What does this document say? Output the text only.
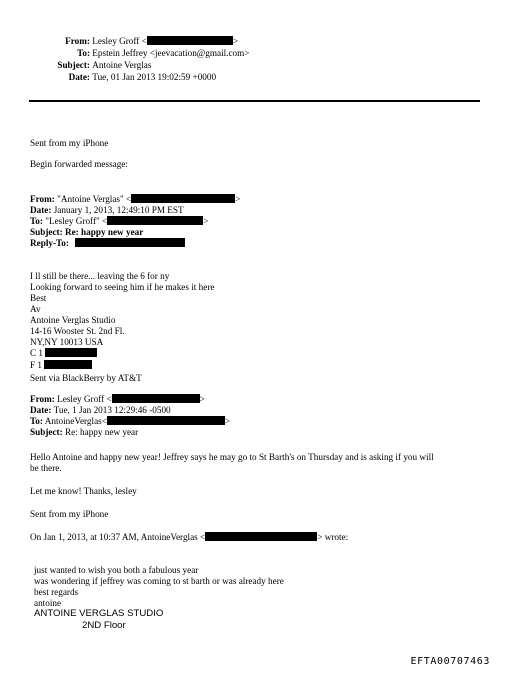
From: Lesley Groff <	>
To: Epstein Jeffrey <jeevacation@gmail.com>
Subject: Antoine Verglas
Date: Tue, 01 Jan 2013 19:02:59 +0000
Sent from my iPhone
Begin forwarded message:
From: "Antoine Verglas" <	>
Date: January 1, 2013, 12:49:10 PM EST
To: "Lesley Groff" <	>
Subject: Re: happy new year
Reply-To:
I ll still be there... leaving the 6 for ny
Looking forward to seeing him if he makes it here
Best
Av
Antoine Verglas Studio
14-16 Wooster St. 2nd Fl.
NY,NY 10013 USA
C 1
F 1
Sent via BlackBerry by AT&T
From: Lesley Groff <	>
Date: Tue, 1 Jan 2013 12:29:46 -0500
To: AntoineVerglas<	>
Subject: Re: happy new year
Hello Antoine and happy new year! Jeffrey says he may go to St Barth's on Thursday and is asking if you will
be there.
Let me know! Thanks, lesley
Sent from my iPhone
On Jan 1, 2013, at 10:37 AM, AntoineVerglas <	> wrote:
just wanted to wish you both a fabulous year
was wondering if jeffrey was coming to st barth or was already here
best regards
antoine
ANTOINE VERGLAS STUDIO
2ND Floor
EFTA00707463
